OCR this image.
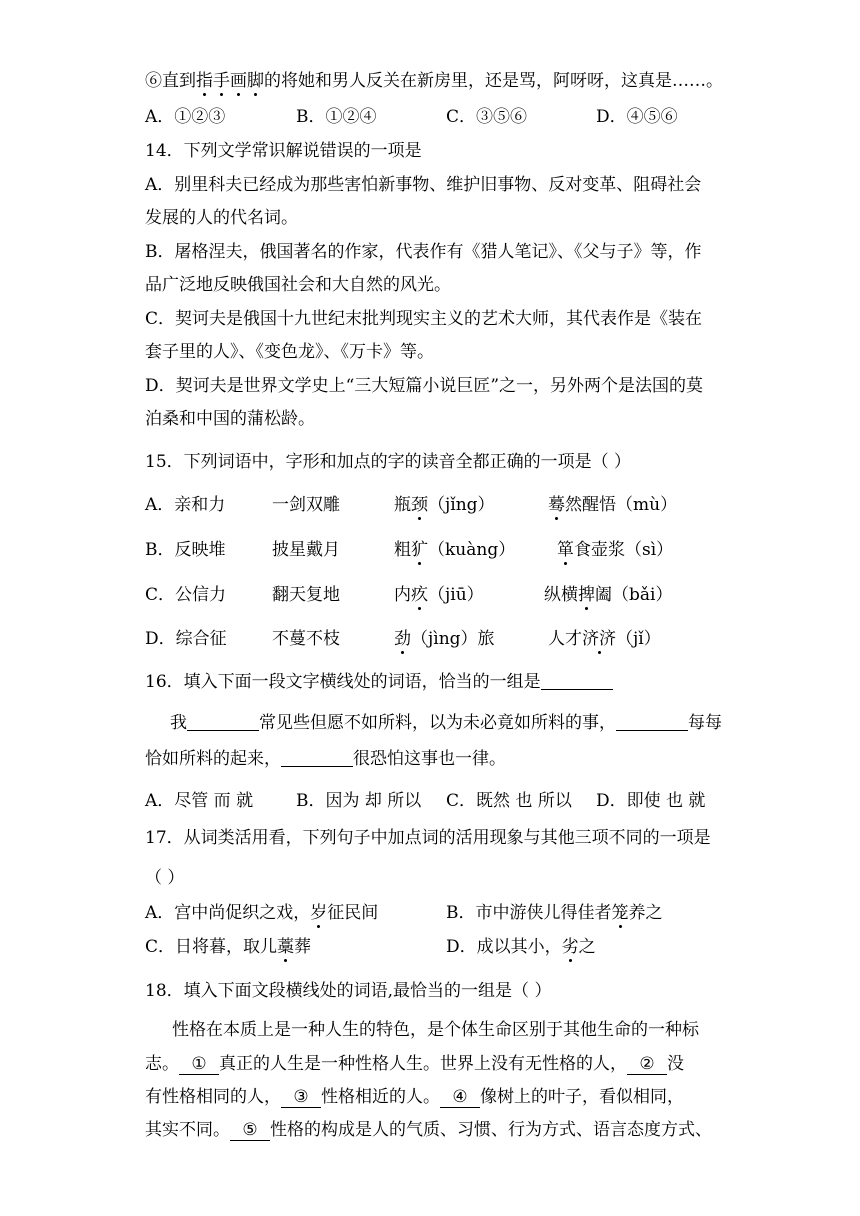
⑥直到指手画脚的将她和男人反关在新房里，还是骂，阿呀呀，这真是……。
A．①②③	B．①②④	C．③⑤⑥	D．④⑤⑥
14．下列文学常识解说错误的一项是
A．别里科夫已经成为那些害怕新事物、维护旧事物、反对变革、阻碍社会
发展的人的代名词。
B．屠格涅夫，俄国著名的作家，代表作有《猎人笔记》、《父与子》等，作
品广泛地反映俄国社会和大自然的风光。
C．契诃夫是俄国十九世纪末批判现实主义的艺术大师，其代表作是《装在
套子里的人》、《变色龙》、《万卡》等。
D．契诃夫是世界文学史上“三大短篇小说巨匠”之一，另外两个是法国的莫
泊桑和中国的蒲松龄。
15．下列词语中，字形和加点的字的读音全都正确的一项是（ ）
A．亲和力	一剑双雕	瓶颈（jǐng）	蓦然醒悟（mù）
B．反映堆	披星戴月	粗犷（kuàng） 箪食壶浆（sì）
C．公信力	翻天复地	内疚（jiū）	纵横捭阖（bǎi）
D．综合征	不蔓不枝	劲（jìng）旅	人才济济（jǐ）
16．填入下面一段文字横线处的词语，恰当的一组是
我	常见些但愿不如所料，以为未必竟如所料的事，	每每
恰如所料的起来，	很恐怕这事也一律。
A．尽管 而 就	B．因为 却 所以 C．既然 也 所以 D．即使 也 就
17．从词类活用看，下列句子中加点词的活用现象与其他三项不同的一项是
（ ）
A．宫中尚促织之戏，岁征民间	B．市中游侠儿得佳者笼养之
C．日将暮，取儿藁葬	D．成以其小，劣之
18．填入下面文段横线处的词语,最恰当的一组是（ ）
性格在本质上是一种人生的特色，是个体生命区别于其他生命的一种标
志。 ① 真正的人生是一种性格人生。世界上没有无性格的人， ② 没
有性格相同的人， ③ 性格相近的人。 ④ 像树上的叶子，看似相同，
其实不同。 ⑤ 性格的构成是人的气质、习惯、行为方式、语言态度方式、
